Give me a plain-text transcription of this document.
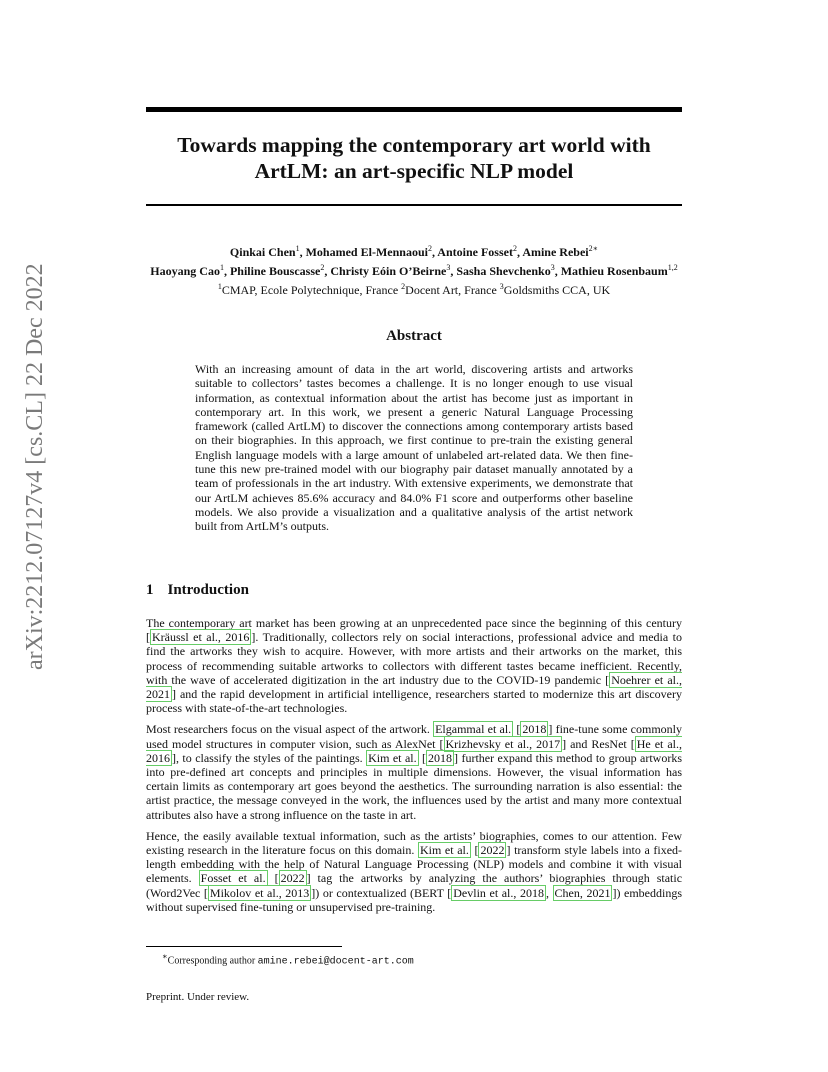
arXiv:2212.07127v4 [cs.CL] 22 Dec 2022
Towards mapping the contemporary art world with ArtLM: an art-specific NLP model
Qinkai Chen$^1$, Mohamed El-Mennaoui$^2$, Antoine Fosset$^2$, Amine Rebei$^{2∗}$
Haoyang Cao$^1$, Philine Bouscasse$^2$, Christy Eóin O’Beirne$^3$, Sasha Shevchenko$^3$, Mathieu Rosenbaum$^{1,2}$
$^1$CMAP, Ecole Polytechnique, France $^2$Docent Art, France $^3$Goldsmiths CCA, UK
Abstract
With an increasing amount of data in the art world, discovering artists and artworks suitable to collectors’ tastes becomes a challenge. It is no longer enough to use visual information, as contextual information about the artist has become just as important in contemporary art. In this work, we present a generic Natural Language Processing framework (called ArtLM) to discover the connections among contemporary artists based on their biographies. In this approach, we first continue to pre-train the existing general English language models with a large amount of unlabeled art-related data. We then fine-tune this new pre-trained model with our biography pair dataset manually annotated by a team of professionals in the art industry. With extensive experiments, we demonstrate that our ArtLM achieves 85.6% accuracy and 84.0% F1 score and outperforms other baseline models. We also provide a visualization and a qualitative analysis of the artist network built from ArtLM’s outputs.
1 Introduction

The contemporary art market has been growing at an unprecedented pace since the beginning of this century [ Kräussl et al., 2016 ]. Traditionally, collectors rely on social interactions, professional advice and media to find the artworks they wish to acquire. However, with more artists and their artworks on the market, this process of recommending suitable artworks to collectors with different tastes became inefficient. Recently, with the wave of accelerated digitization in the art industry due to the COVID-19 pandemic [ Noehrer et al., 2021 ] and the rapid development in artificial intelligence, researchers started to modernize this art discovery process with state-of-the-art technologies.

Most researchers focus on the visual aspect of the artwork. Elgammal et al. [ 2018 ] fine-tune some commonly used model structures in computer vision, such as AlexNet [ Krizhevsky et al., 2017 ] and ResNet [ He et al., 2016 ], to classify the styles of the paintings. Kim et al. [ 2018 ] further expand this method to group artworks into pre-defined art concepts and principles in multiple dimensions. However, the visual information has certain limits as contemporary art goes beyond the aesthetics. The surrounding narration is also essential: the artist practice, the message conveyed in the work, the influences used by the artist and many more contextual attributes also have a strong influence on the taste in art.

Hence, the easily available textual information, such as the artists’ biographies, comes to our attention. Few existing research in the literature focus on this domain. Kim et al. [ 2022 ] transform style labels into a fixed-length embedding with the help of Natural Language Processing (NLP) models and combine it with visual elements. Fosset et al. [ 2022 ] tag the artworks by analyzing the authors’ biographies through static (Word2Vec [ Mikolov et al., 2013 ]) or contextualized (BERT [ Devlin et al., 2018 , Chen, 2021 ]) embeddings without supervised fine-tuning or unsupervised pre-training.

∗Corresponding author amine.rebei@docent-art.com
Preprint. Under review.
